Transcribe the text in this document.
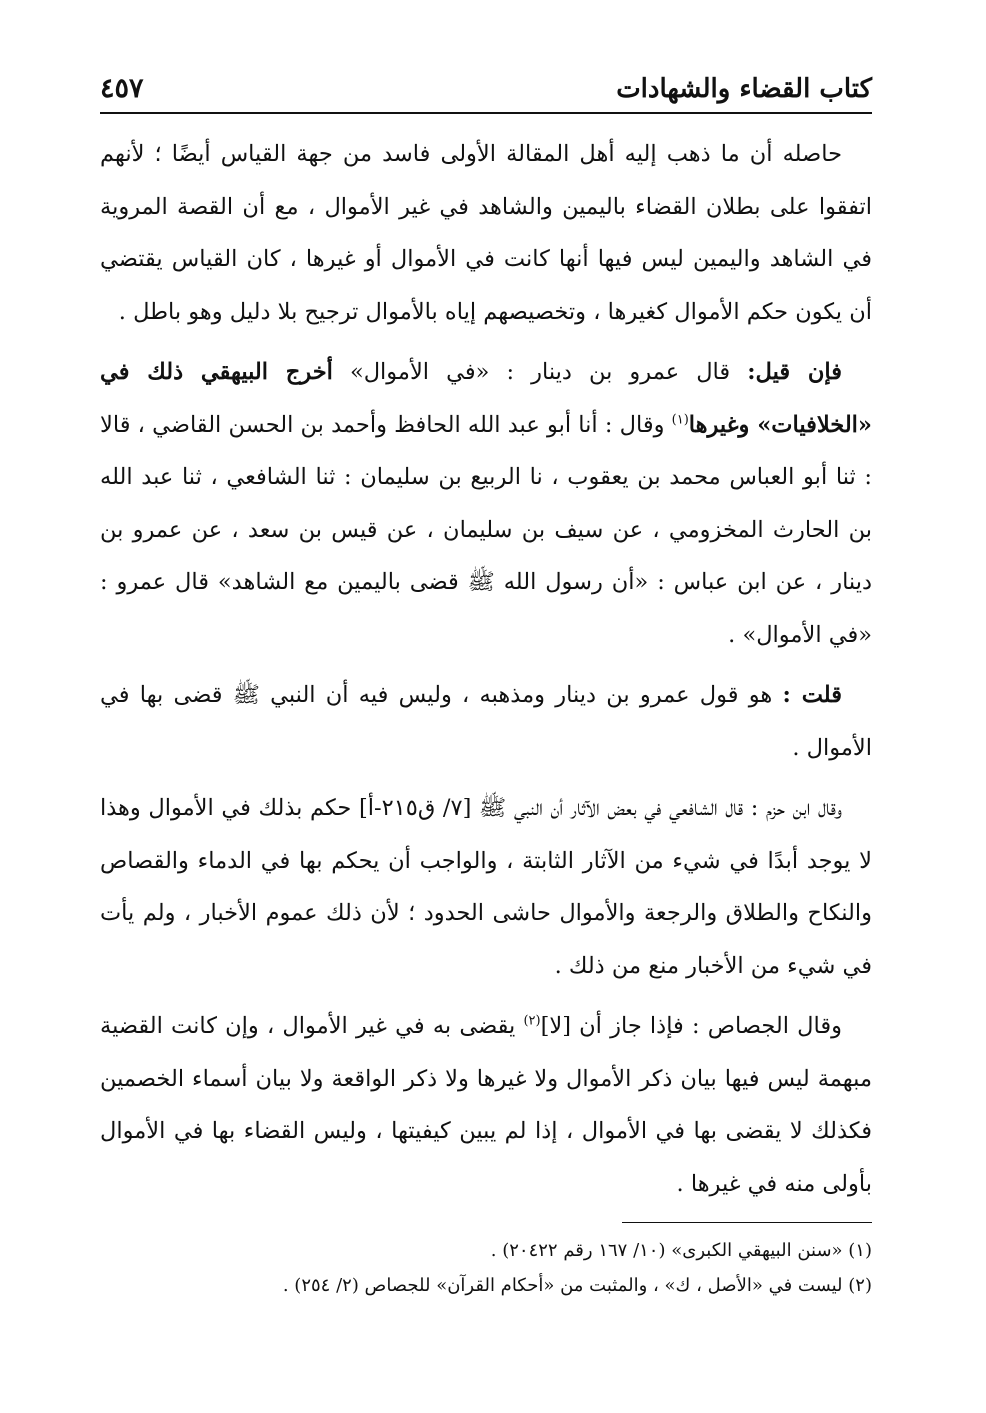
كتاب القضاء والشهادات
٤٥٧

حاصله أن ما ذهب إليه أهل المقالة الأولى فاسد من جهة القياس أيضًا ؛ لأنهم اتفقوا على بطلان القضاء باليمين والشاهد في غير الأموال ، مع أن القصة المروية في الشاهد واليمين ليس فيها أنها كانت في الأموال أو غيرها ، كان القياس يقتضي أن يكون حكم الأموال كغيرها ، وتخصيصهم إياه بالأموال ترجيح بلا دليل وهو باطل .

فإن قيل: قال عمرو بن دينار : «في الأموال» أخرج البيهقي ذلك في «الخلافيات» وغيرها$^{(١)}$ وقال : أنا أبو عبد الله الحافظ وأحمد بن الحسن القاضي ، قالا : ثنا أبو العباس محمد بن يعقوب ، نا الربيع بن سليمان : ثنا الشافعي ، ثنا عبد الله بن الحارث المخزومي ، عن سيف بن سليمان ، عن قيس بن سعد ، عن عمرو بن دينار ، عن ابن عباس : «أن رسول الله ﷺ قضى باليمين مع الشاهد» قال عمرو : «في الأموال» .

قلت : هو قول عمرو بن دينار ومذهبه ، وليس فيه أن النبي ﷺ قضى بها في الأموال .

وقال ابن حزم : قال الشافعي في بعض الآثار أن النبي ﷺ [٧/ ق٢١٥-أ] حكم بذلك في الأموال وهذا لا يوجد أبدًا في شيء من الآثار الثابتة ، والواجب أن يحكم بها في الدماء والقصاص والنكاح والطلاق والرجعة والأموال حاشى الحدود ؛ لأن ذلك عموم الأخبار ، ولم يأت في شيء من الأخبار منع من ذلك .

وقال الجصاص : فإذا جاز أن [لا]$^{(٢)}$ يقضى به في غير الأموال ، وإن كانت القضية مبهمة ليس فيها بيان ذكر الأموال ولا غيرها ولا ذكر الواقعة ولا بيان أسماء الخصمين فكذلك لا يقضى بها في الأموال ، إذا لم يبين كيفيتها ، وليس القضاء بها في الأموال بأولى منه في غيرها .

(١) «سنن البيهقي الكبرى» (١٠/ ١٦٧ رقم ٢٠٤٢٢) .

(٢) ليست في «الأصل ، ك» ، والمثبت من «أحكام القرآن» للجصاص (٢/ ٢٥٤) .
